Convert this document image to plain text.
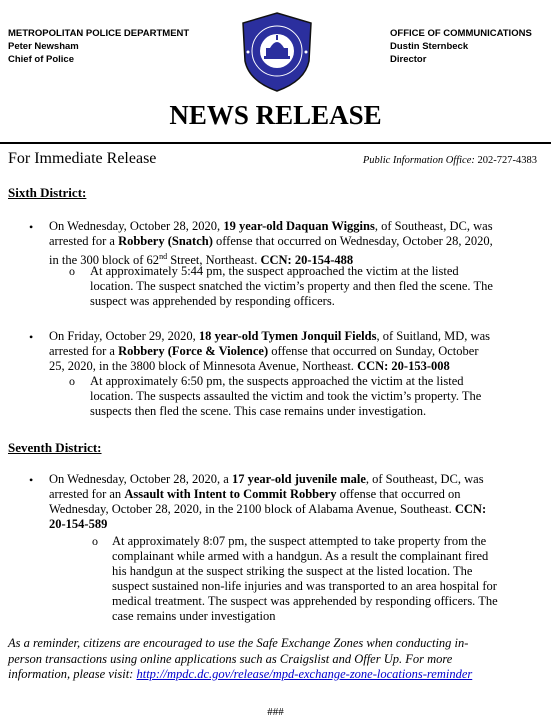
METROPOLITAN POLICE DEPARTMENT
Peter Newsham
Chief of Police
OFFICE OF COMMUNICATIONS
Dustin Sternbeck
Director
NEWS RELEASE
For Immediate Release	Public Information Office: 202-727-4383
Sixth District:
• On Wednesday, October 28, 2020, 19 year-old Daquan Wiggins, of Southeast, DC, was
arrested for a Robbery (Snatch) offense that occurred on Wednesday, October 28, 2020,
in the 300 block of 62nd Street, Northeast. CCN: 20-154-488
o At approximately 5:44 pm, the suspect approached the victim at the listed
location. The suspect snatched the victim’s property and then fled the scene. The
suspect was apprehended by responding officers.
• On Friday, October 29, 2020, 18 year-old Tymen Jonquil Fields, of Suitland, MD, was
arrested for a Robbery (Force & Violence) offense that occurred on Sunday, October
25, 2020, in the 3800 block of Minnesota Avenue, Northeast. CCN: 20-153-008
o At approximately 6:50 pm, the suspects approached the victim at the listed
location. The suspects assaulted the victim and took the victim’s property. The
suspects then fled the scene. This case remains under investigation.
Seventh District:
• On Wednesday, October 28, 2020, a 17 year-old juvenile male, of Southeast, DC, was
arrested for an Assault with Intent to Commit Robbery offense that occurred on
Wednesday, October 28, 2020, in the 2100 block of Alabama Avenue, Southeast. CCN:
20-154-589
o At approximately 8:07 pm, the suspect attempted to take property from the
complainant while armed with a handgun. As a result the complainant fired
his handgun at the suspect striking the suspect at the listed location. The
suspect sustained non-life injuries and was transported to an area hospital for
medical treatment. The suspect was apprehended by responding officers. The
case remains under investigation
As a reminder, citizens are encouraged to use the Safe Exchange Zones when conducting in-
person transactions using online applications such as Craigslist and Offer Up. For more
information, please visit: http://mpdc.dc.gov/release/mpd-exchange-zone-locations-reminder
###
